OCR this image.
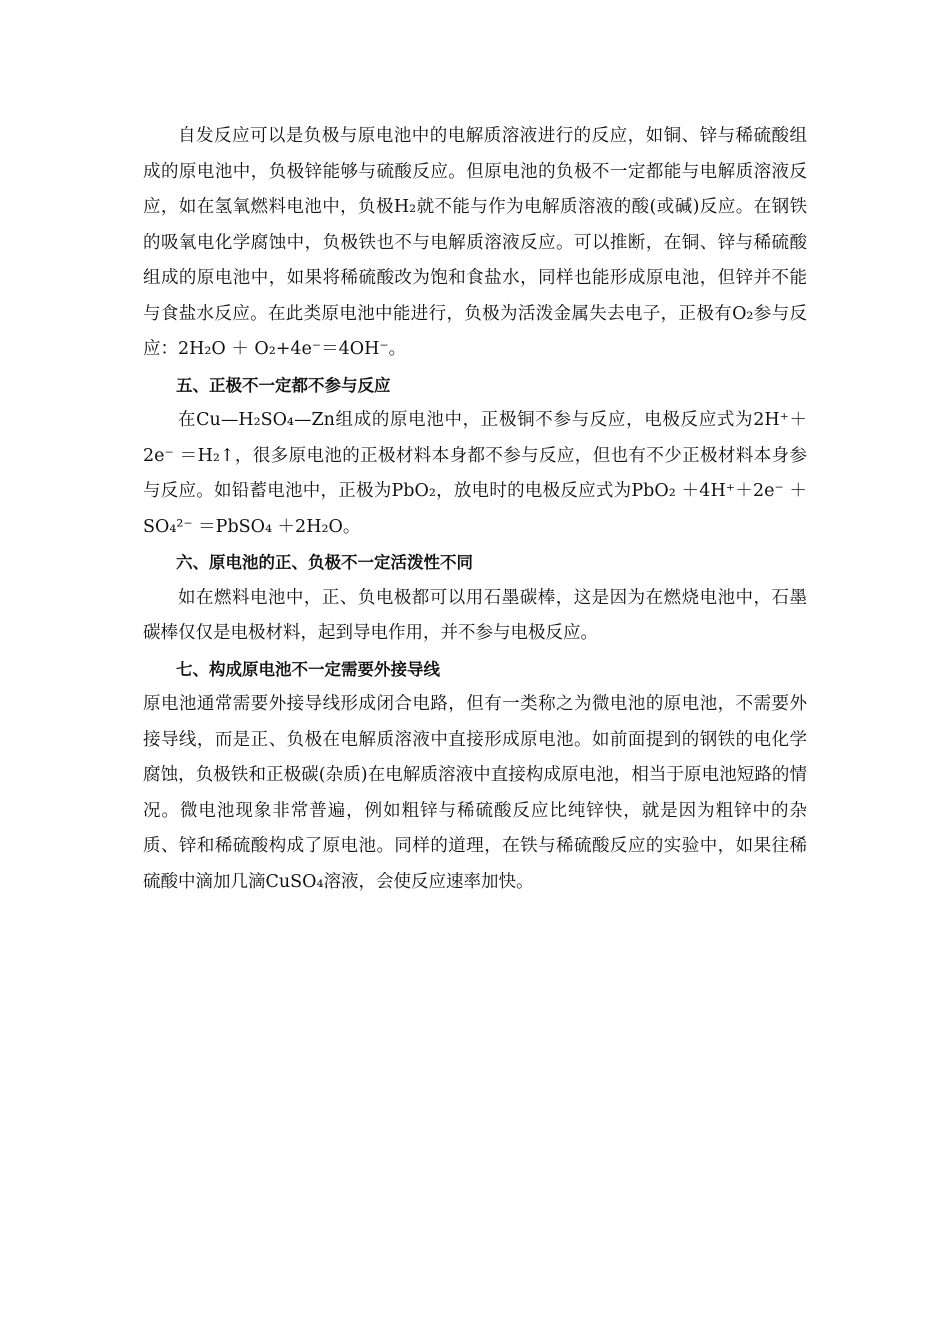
自发反应可以是负极与原电池中的电解质溶液进行的反应，如铜、锌与稀硫酸组成的原电池中，负极锌能够与硫酸反应。但原电池的负极不一定都能与电解质溶液反应，如在氢氧燃料电池中，负极H₂就不能与作为电解质溶液的酸(或碱)反应。在钢铁的吸氧电化学腐蚀中，负极铁也不与电解质溶液反应。可以推断，在铜、锌与稀硫酸组成的原电池中，如果将稀硫酸改为饱和食盐水，同样也能形成原电池，但锌并不能与食盐水反应。在此类原电池中能进行，负极为活泼金属失去电子，正极有O₂参与反应：2H₂O ＋ O₂+4e⁻＝4OH⁻。

五、正极不一定都不参与反应

在Cu—H₂SO₄—Zn组成的原电池中，正极铜不参与反应，电极反应式为2H⁺＋2e⁻ ＝H₂↑，很多原电池的正极材料本身都不参与反应，但也有不少正极材料本身参与反应。如铅蓄电池中，正极为PbO₂，放电时的电极反应式为PbO₂ ＋4H⁺＋2e⁻ ＋ SO₄²⁻ ＝PbSO₄ ＋2H₂O。

六、原电池的正、负极不一定活泼性不同

如在燃料电池中，正、负电极都可以用石墨碳棒，这是因为在燃烧电池中，石墨碳棒仅仅是电极材料，起到导电作用，并不参与电极反应。

七、构成原电池不一定需要外接导线

原电池通常需要外接导线形成闭合电路，但有一类称之为微电池的原电池，不需要外接导线，而是正、负极在电解质溶液中直接形成原电池。如前面提到的钢铁的电化学腐蚀，负极铁和正极碳(杂质)在电解质溶液中直接构成原电池，相当于原电池短路的情况。微电池现象非常普遍，例如粗锌与稀硫酸反应比纯锌快，就是因为粗锌中的杂质、锌和稀硫酸构成了原电池。同样的道理，在铁与稀硫酸反应的实验中，如果往稀硫酸中滴加几滴CuSO₄溶液，会使反应速率加快。
